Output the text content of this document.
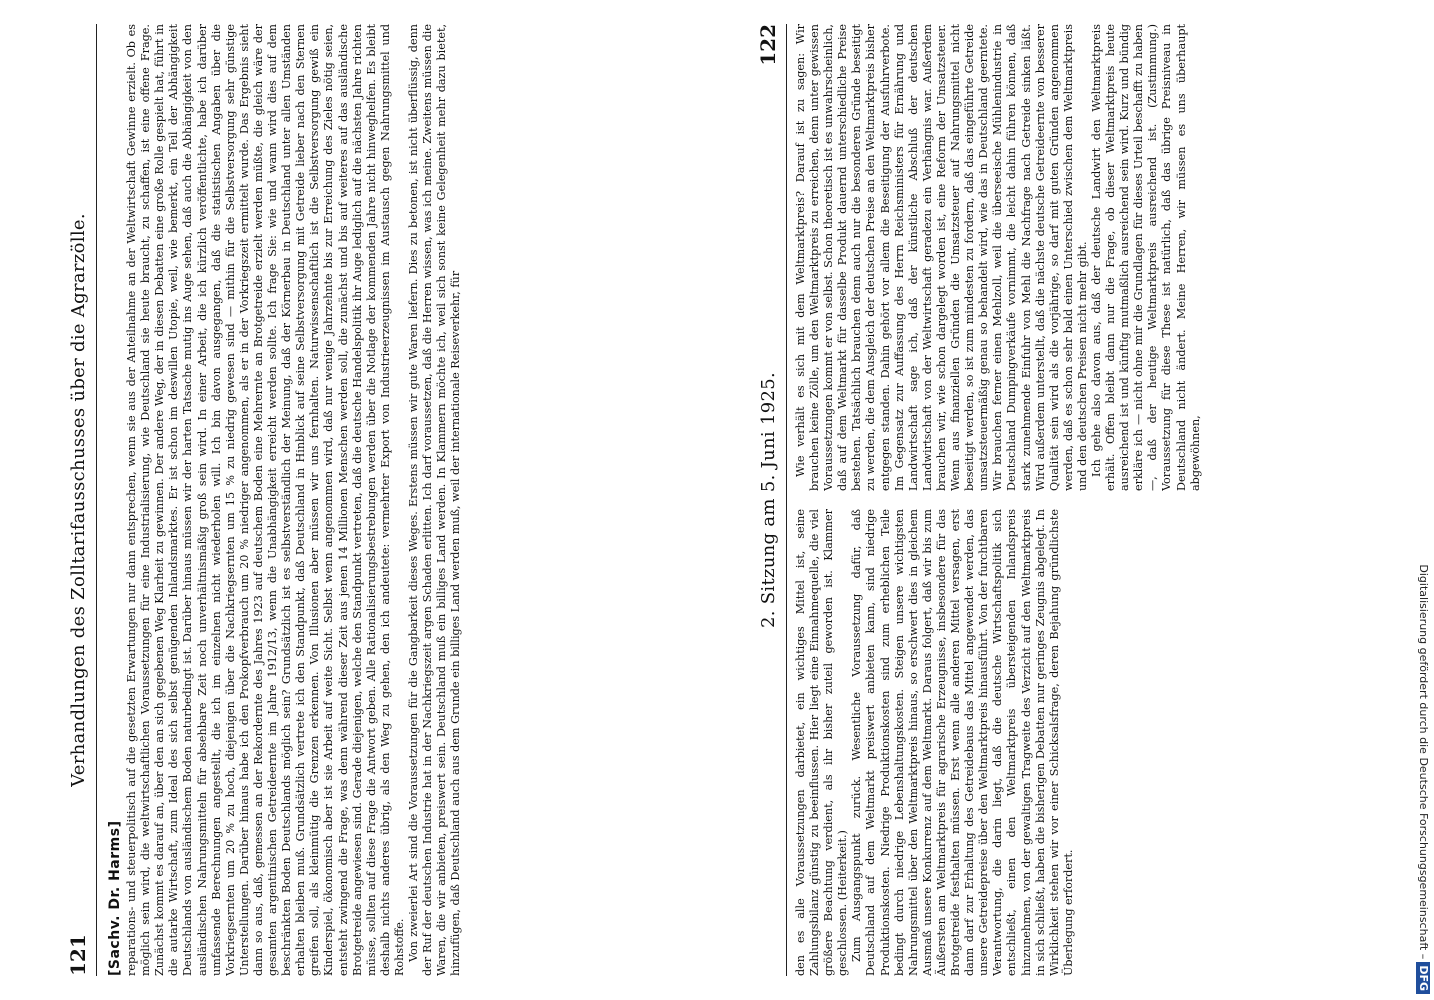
121
Verhandlungen des Zolltarifausschusses über die Agrarzölle.
[Sachv. Dr. Harms] reparations- und steuerpolitisch auf die gesetzten Erwartungen nur dann entsprechen, wenn sie aus der Anteilnahme an der Weltwirtschaft Gewinne erzielt. Ob es möglich sein wird, die weltwirtschaftlichen Voraussetzungen für eine Industrialisierung, wie Deutschland sie heute braucht, zu schaffen, ist eine offene Frage. Zunächst kommt es darauf an, über den an sich gegebenen Weg Klarheit zu gewinnen. Der andere Weg, der in diesen Debatten eine große Rolle gespielt hat, führt in die autarke Wirtschaft, zum Ideal des sich selbst genügenden Inlandsmarktes. Er ist schon im deswillen Utopie, weil, wie bemerkt, ein Teil der Abhängigkeit Deutschlands von ausländischem Boden naturbedingt ist. Darüber hinaus müssen wir der harten Tatsache mutig ins Auge sehen, daß auch die Abhängigkeit von den ausländischen Nahrungsmitteln für absehbare Zeit noch unverhältnismäßig groß sein wird. In einer Arbeit, die ich kürzlich veröffentlichte, habe ich darüber umfassende Berechnungen angestellt, die ich im einzelnen nicht wiederholen will. Ich bin davon ausgegangen, daß die statistischen Angaben über die Vorkriegsernten um 20 % zu hoch, diejenigen über die Nachkriegsernten um 15 % zu niedrig gewesen sind — mithin für die Selbstversorgung sehr günstige Unterstellungen. Darüber hinaus habe ich den Prokopfverbrauch um 20 % niedriger angenommen, als er in der Vorkriegszeit ermittelt wurde. Das Ergebnis sieht dann so aus, daß, gemessen an der Rekordernte des Jahres 1923 auf deutschem Boden eine Mehrernte an Brotgetreide erzielt werden müßte, die gleich wäre der gesamten argentinischen Getreideernte im Jahre 1912/13, wenn die Unabhängigkeit erreicht werden sollte. Ich frage Sie: wie und wann wird dies auf dem beschränkten Boden Deutschlands möglich sein? Grundsätzlich ist es selbstverständlich der Meinung, daß der Körnerbau in Deutschland unter allen Umständen erhalten bleiben muß. Grundsätzlich vertrete ich den Standpunkt, daß Deutschland in Hinblick auf seine Selbstversorgung mit Getreide lieber nach den Sternen greifen soll, als kleinmütig die Grenzen erkennen. Von Illusionen aber müssen wir uns fernhalten. Naturwissenschaftlich ist die Selbstversorgung gewiß ein Kinderspiel, ökonomisch aber ist sie Arbeit auf weite Sicht. Selbst wenn angenommen wird, daß nur wenige Jahrzehnte bis zur Erreichung des Zieles nötig seien, entsteht zwingend die Frage, was denn während dieser Zeit aus jenen 14 Millionen Menschen werden soll, die zunächst und bis auf weiteres auf das ausländische Brotgetreide angewiesen sind. Gerade diejenigen, welche den Standpunkt vertreten, daß die deutsche Handelspolitik ihr Auge lediglich auf die nächsten Jahre richten müsse, sollten auf diese Frage die Antwort geben. Alle Rationalisierungsbestrebungen werden über die Notlage der kommenden Jahre nicht hinweghelfen. Es bleibt deshalb nichts anderes übrig, als den Weg zu gehen, den ich andeutete: vermehrter Export von Industrieerzeugnissen im Austausch gegen Nahrungsmittel und Rohstoffe. Von zweierlei Art sind die Voraussetzungen für die Gangbarkeit dieses Weges. Erstens müssen wir gute Waren liefern. Dies zu betonen, ist nicht überflüssig, denn der Ruf der deutschen Industrie hat in der Nachkriegszeit argen Schaden erlitten. Ich darf voraussetzen, daß die Herren wissen, was ich meine. Zweitens müssen die Waren, die wir anbieten, preiswert sein. Deutschland muß ein billiges Land werden. In Klammern möchte ich, weil sich sonst keine Gelegenheit mehr dazu bietet, hinzufügen, daß Deutschland auch aus dem Grunde ein billiges Land werden muß, weil der internationale Reiseverkehr, für	2. Sitzung am 5. Juni 1925.
122

den es alle Voraussetzungen darbietet, ein wichtiges Mittel ist, seine Zahlungsbilanz günstig zu beeinflussen. Hier liegt eine Einnahmequelle, die viel größere Beachtung verdient, als ihr bisher zuteil geworden ist. Klammer geschlossen. (Heiterkeit.) Zum Ausgangspunkt zurück. Wesentliche Voraussetzung dafür, daß Deutschland auf dem Weltmarkt preiswert anbieten kann, sind niedrige Produktionskosten. Niedrige Produktionskosten sind zum erheblichen Teile bedingt durch niedrige Lebenshaltungskosten. Steigen unsere wichtigsten Nahrungsmittel über den Weltmarktpreis hinaus, so erschwert dies in gleichem Ausmaß unsere Konkurrenz auf dem Weltmarkt. Daraus folgert, daß wir bis zum Äußersten am Weltmarktpreis für agrarische Erzeugnisse, insbesondere für das Brotgetreide festhalten müssen. Erst wenn alle anderen Mittel versagen, erst dann darf zur Erhaltung des Getreidebaus das Mittel angewendet werden, das unsere Getreidepreise über den Weltmarktpreis hinausführt. Von der furchtbaren Verantwortung, die darin liegt, daß die deutsche Wirtschaftspolitik sich entschließt, einen den Weltmarktpreis übersteigenden Inlandspreis hinzunehmen, von der gewaltigen Tragweite des Verzicht auf den Weltmarktpreis in sich schließt, haben die bisherigen Debatten nur geringes Zeugnis abgelegt. In Wirklichkeit stehen wir vor einer Schicksalsfrage, deren Bejahung gründlichste Überlegung erfordert.

Wie verhält es sich mit dem Weltmarktpreis? Darauf ist zu sagen: Wir brauchen keine Zölle, um den Weltmarktpreis zu erreichen, denn unter gewissen Voraussetzungen kommt er von selbst. Schon theoretisch ist es unwahrscheinlich, daß auf dem Weltmarkt für dasselbe Produkt dauernd unterschiedliche Preise bestehen. Tatsächlich brauchen denn auch nur die besonderen Gründe beseitigt zu werden, die dem Ausgleich der deutschen Preise an den Weltmarktpreis bisher entgegen standen. Dahin gehört vor allem die Beseitigung der Ausfuhrverbote. Im Gegensatz zur Auffassung des Herrn Reichsministers für Ernährung und Landwirtschaft sage ich, daß der künstliche Abschluß der deutschen Landwirtschaft von der Weltwirtschaft geradezu ein Verhängnis war. Außerdem brauchen wir, wie schon dargelegt worden ist, eine Reform der Umsatzsteuer. Wenn aus finanziellen Gründen die Umsatzsteuer auf Nahrungsmittel nicht beseitigt werden, so ist zum mindesten zu fordern, daß das eingeführte Getreide umsatzsteuermäßig genau so behandelt wird, wie das in Deutschland geerntete. Wir brauchen ferner einen Mehlzoll, weil die überseeische Mühlenindustrie in Deutschland Dumpingverkäufe vornimmt, die leicht dahin führen können, daß stark zunehmende Einfuhr von Mehl die Nachfrage nach Getreide sinken läßt. Wird außerdem unterstellt, daß die nächste deutsche Getreideernte von besserer Qualität sein wird als die vorjährige, so darf mit guten Gründen angenommen werden, daß es schon sehr bald einen Unterschied zwischen dem Weltmarktpreis und den deutschen Preisen nicht mehr gibt. Ich gehe also davon aus, daß der deutsche Landwirt den Weltmarktpreis erhält. Offen bleibt dann nur die Frage, ob dieser Weltmarktpreis heute ausreichend ist und künftig mutmaßlich ausreichend sein wird. Kurz und bündig erkläre ich — nicht ohne mir die Grundlagen für dieses Urteil beschafft zu haben —, daß der heutige Weltmarktpreis ausreichend ist. (Zustimmung.) Voraussetzung für diese These ist natürlich, daß das übrige Preisniveau in Deutschland nicht ändert. Meine Herren, wir müssen es uns überhaupt abgewöhnen,

Digitalisierung gefördert durch die Deutsche Forschungsgemeinschaft –DFG
